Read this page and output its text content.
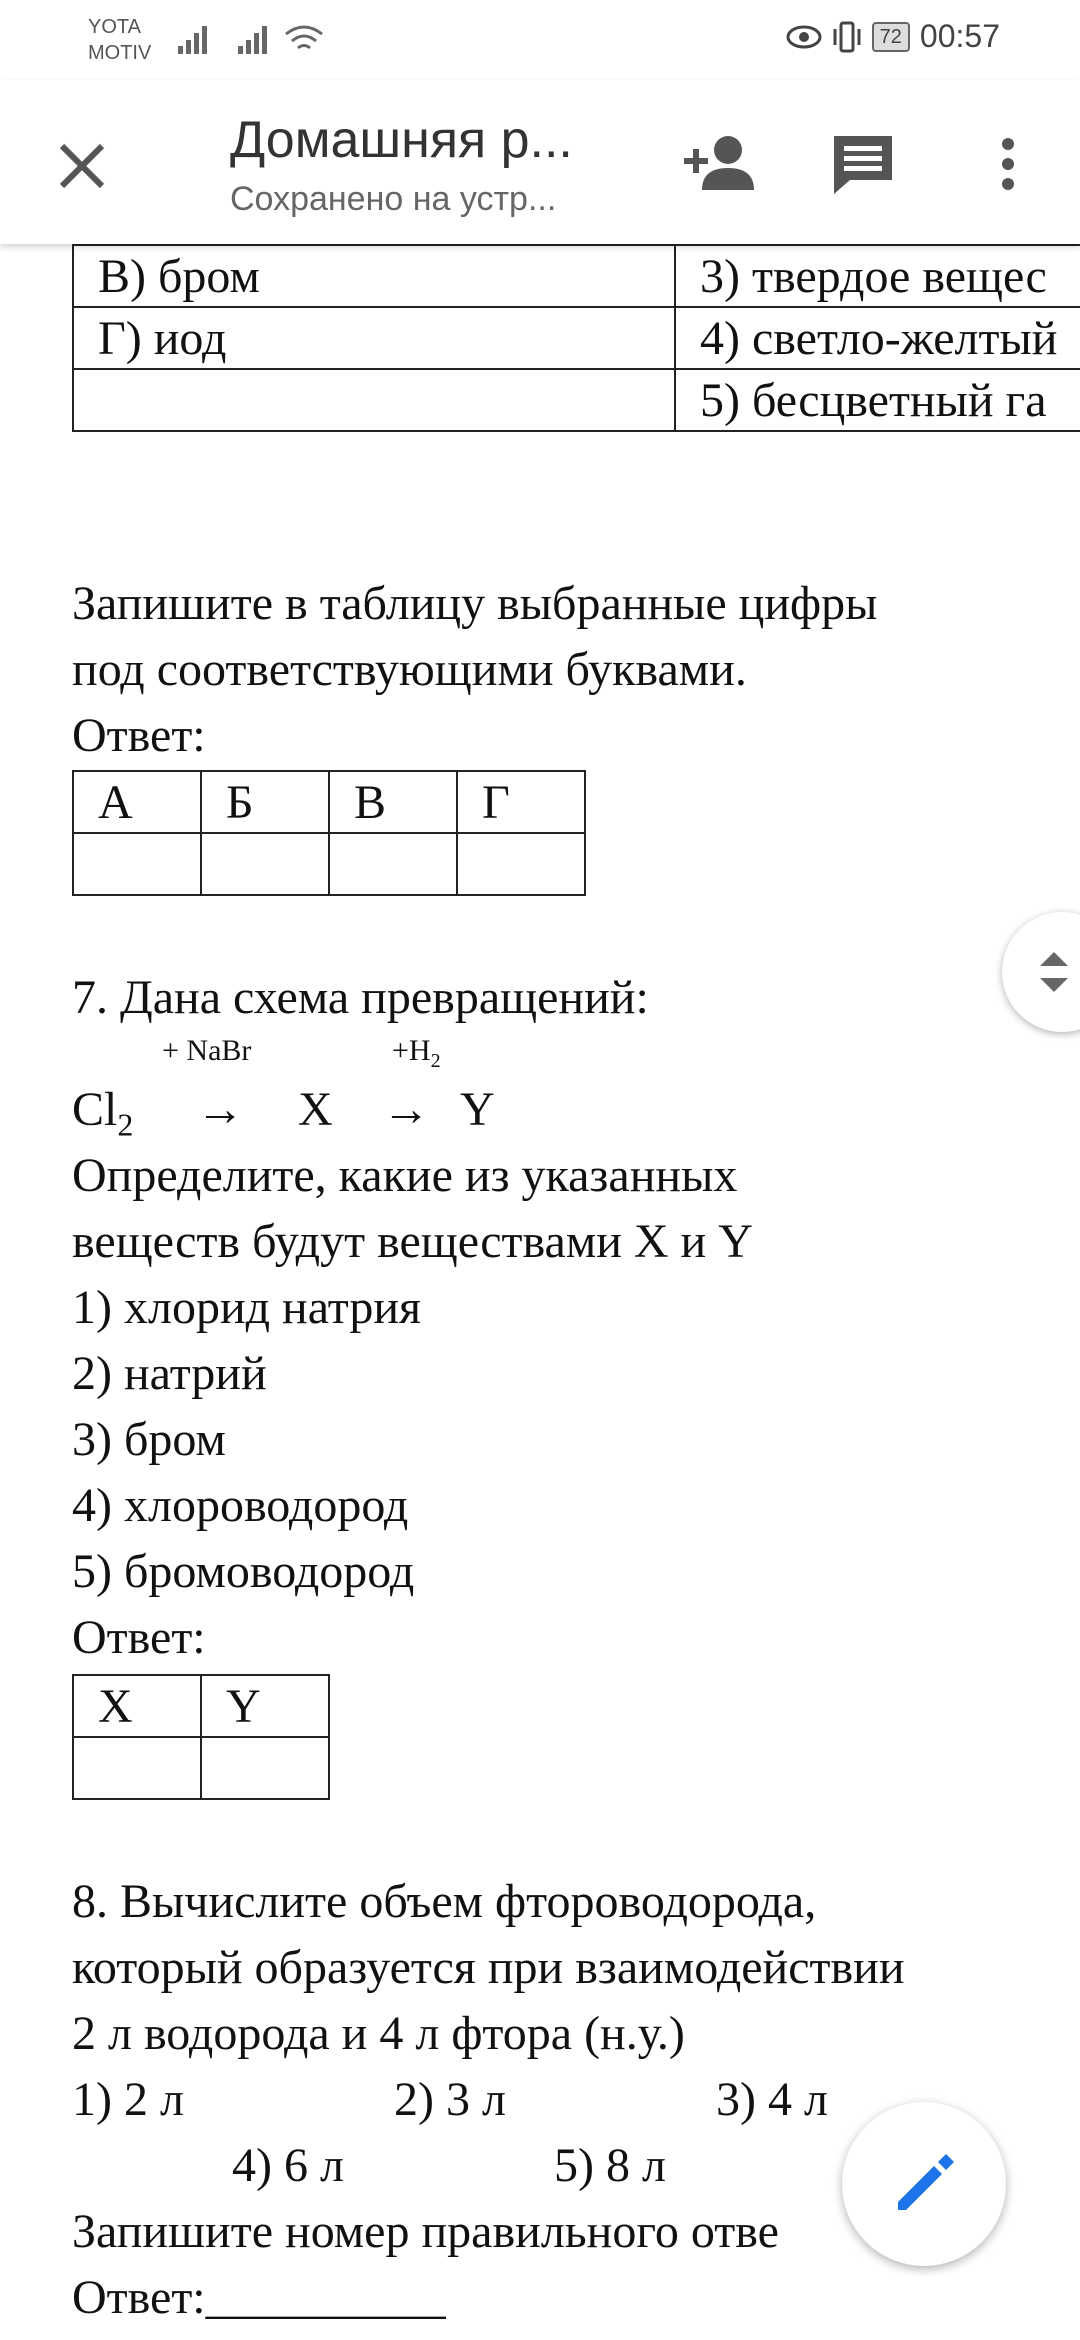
YOTA
MOTIV
72 00:57
Домашняя р...
Сохранено на устр...
В) бром	3) твердое вещес
Г) иод	4) светло-желтый
	5) бесцветный га
Запишите в таблицу выбранные цифры
под соответствующими буквами.
Ответ:
А	Б	В	Г

7. Дана схема превращений:
+ NaBr	$+H_2$
$Cl_2 \to X \to Y$
Определите, какие из указанных
веществ будут веществами X и Y
1) хлорид натрия
2) натрий
3) бром
4) хлороводород
5) бромоводород
Ответ:
X	Y

8. Вычислите объем фтороводорода,
который образуется при взаимодействии
2 л водорода и 4 л фтора (н.у.)
1) 2 л	2) 3 л	3) 4 л
4) 6 л	5) 8 л
Запишите номер правильного отве
Ответ:__________
